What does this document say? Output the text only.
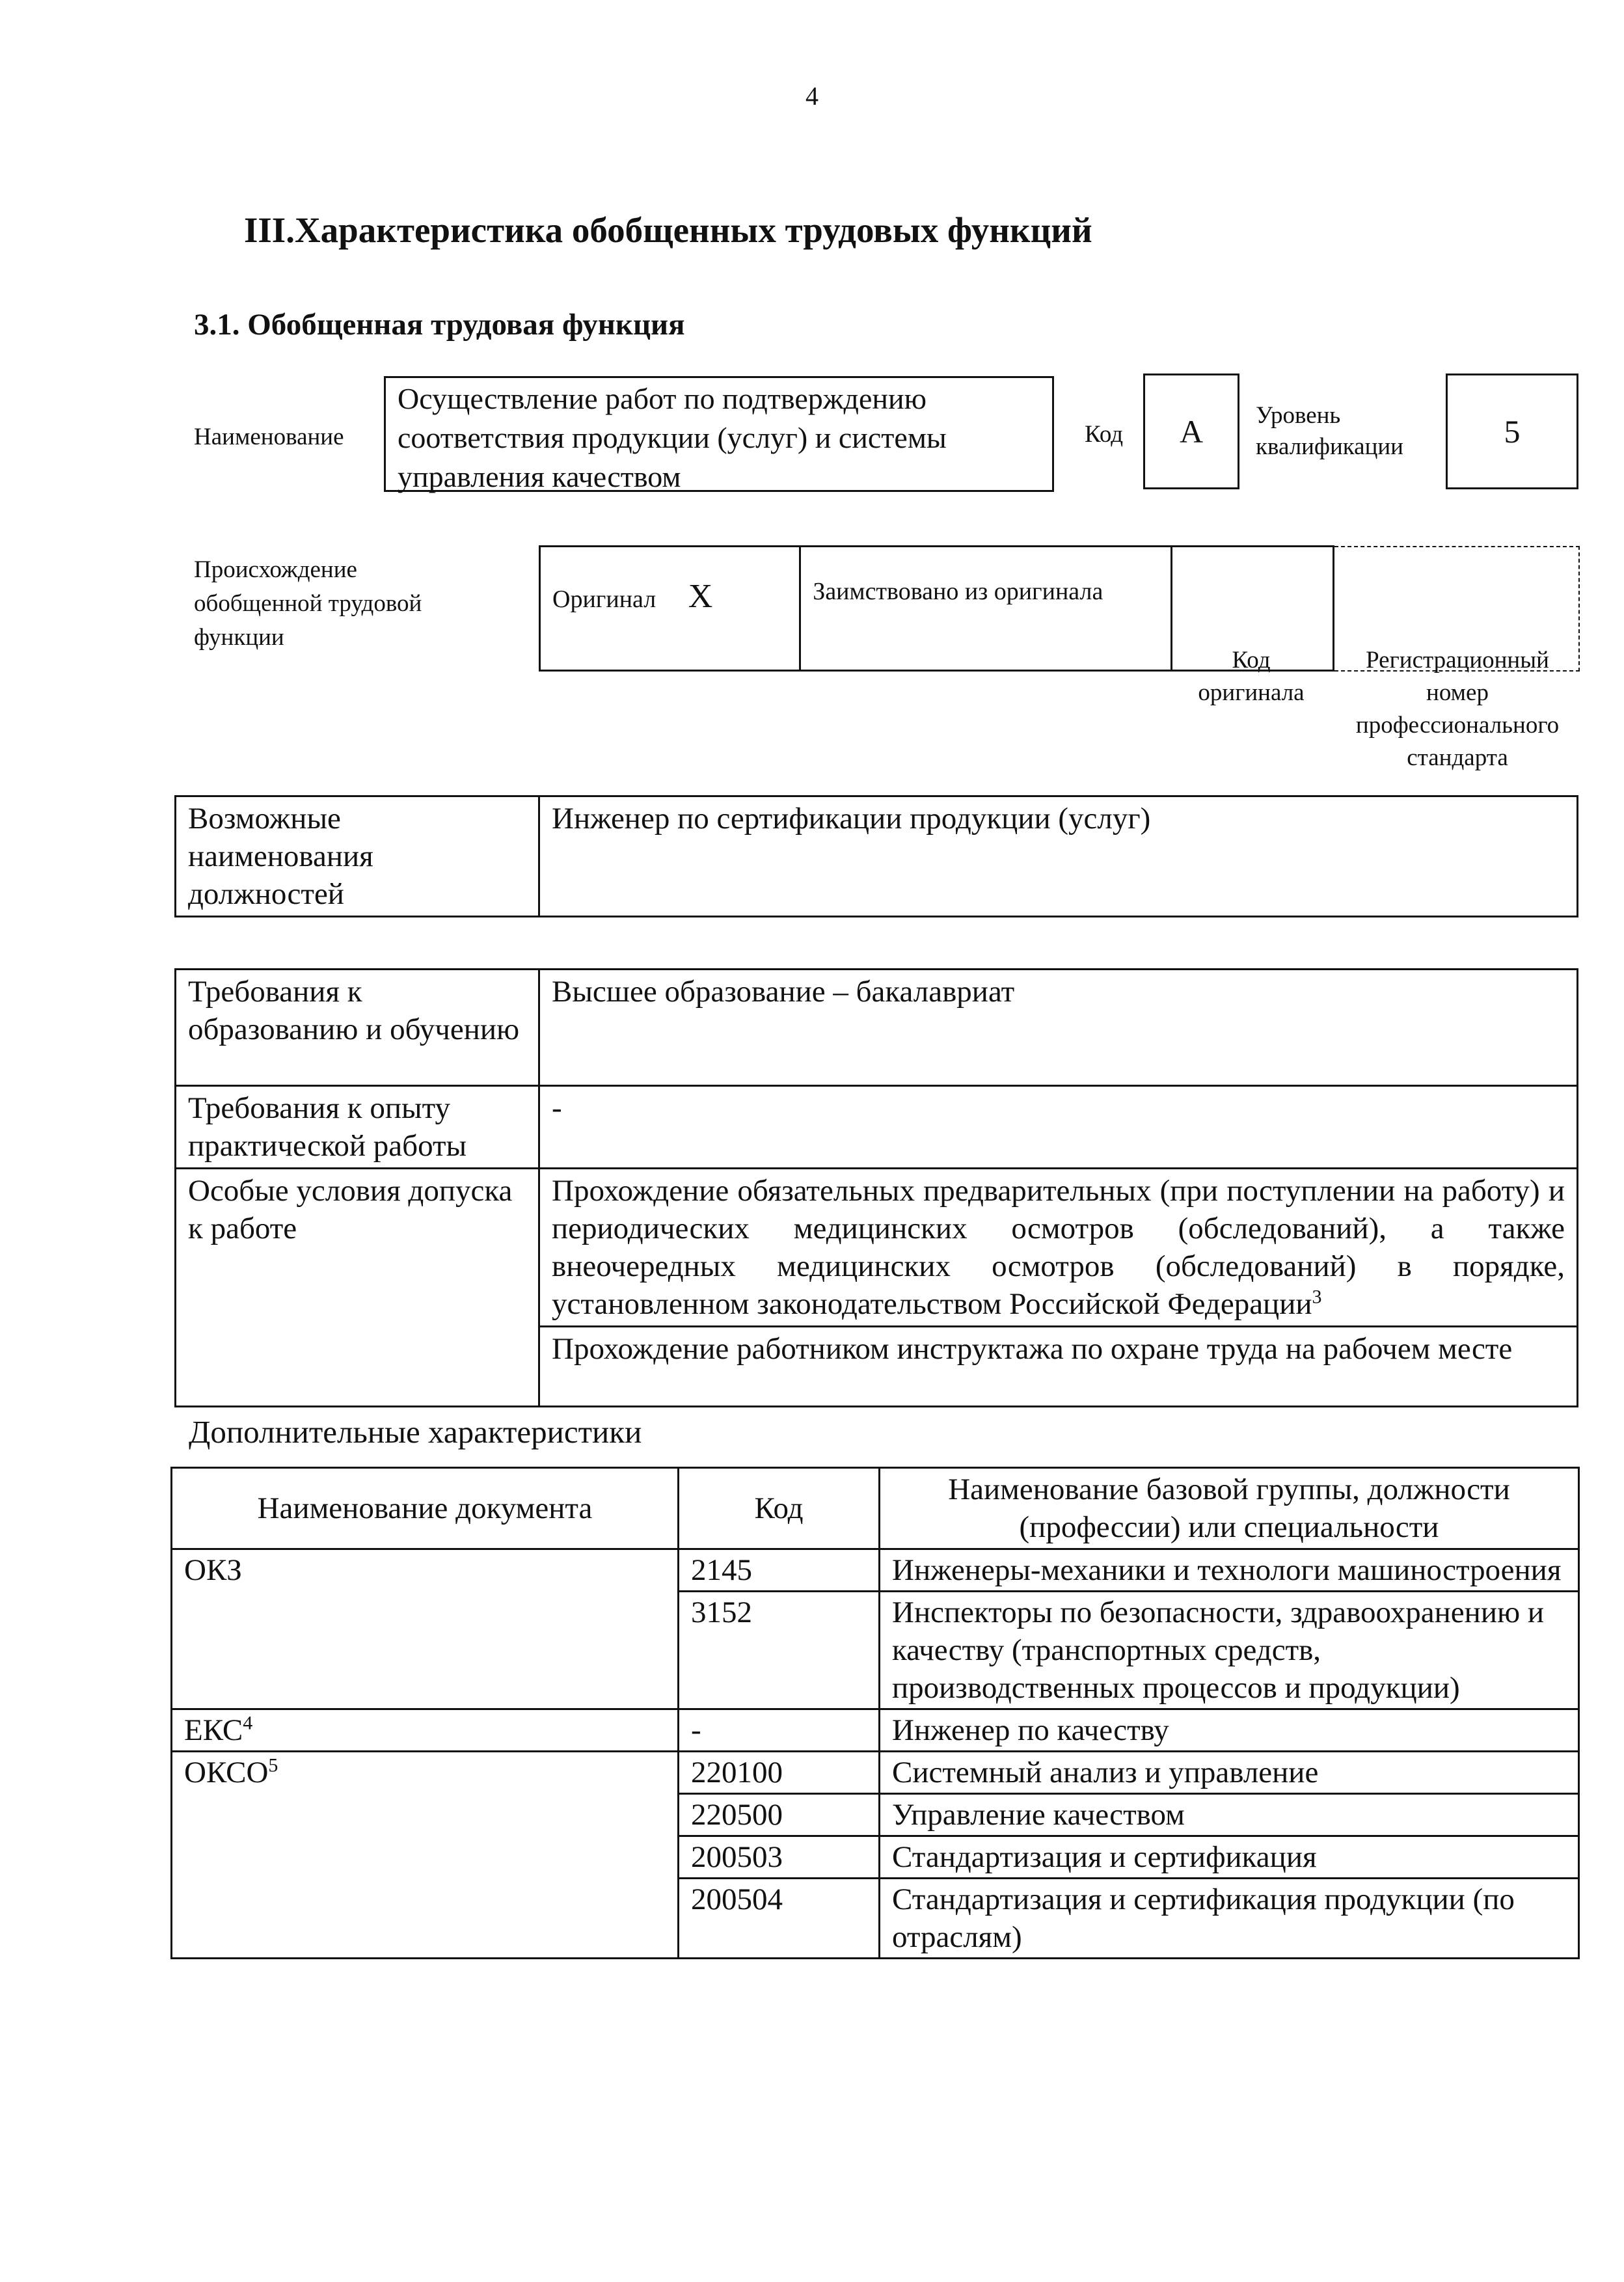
4
III.Характеристика обобщенных трудовых функций
3.1. Обобщенная трудовая функция
Наименование
Осуществление работ по подтверждению соответствия продукции (услуг) и системы управления качеством
Код	А	Уровень квалификации	5
Происхождение обобщенной трудовой функции
Оригинал X	Заимствовано из оригинала		
Код оригинала
Регистрационный номер профессионального стандарта
Возможные наименования должностей	Инженер по сертификации продукции (услуг)
Требования к образованию и обучению	Высшее образование – бакалавриат
Требования к опыту практической работы	-
Особые условия допуска к работе	Прохождение обязательных предварительных (при поступлении на работу) и периодических медицинских осмотров (обследований), а также внеочередных медицинских осмотров (обследований) в порядке, установленном законодательством Российской Федерации$^3$
	Прохождение работником инструктажа по охране труда на рабочем месте
Дополнительные характеристики
Наименование документа	Код	Наименование базовой группы, должности (профессии) или специальности
ОКЗ	2145	Инженеры-механики и технологи машиностроения
	3152	Инспекторы по безопасности, здравоохранению и качеству (транспортных средств, производственных процессов и продукции)
ЕКС$^4$	-	Инженер по качеству
ОКСО$^5$	220100	Системный анализ и управление
	220500	Управление качеством
	200503	Стандартизация и сертификация
	200504	Стандартизация и сертификация продукции (по отраслям)
